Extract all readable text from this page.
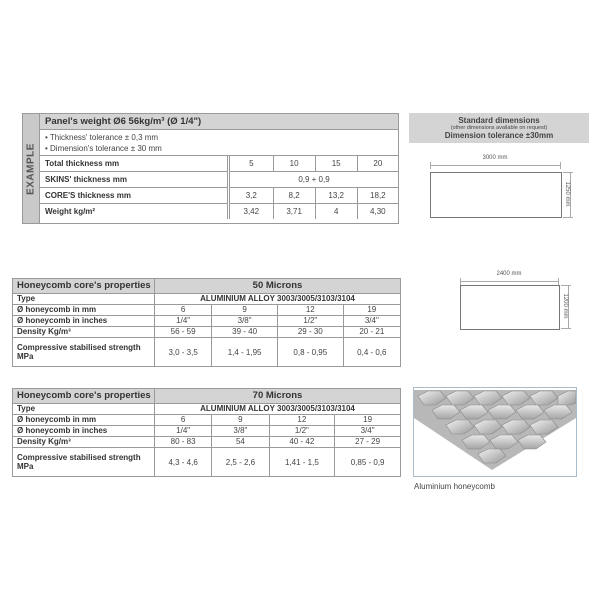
EXAMPLE
Panel's weight Ø6 56kg/m³ (Ø 1/4")
• Thickness' tolerance ± 0,3 mm
• Dimension's tolerance ± 30 mm
Total thickness mm	5	10	15	20
SKINS' thickness mm	0,9 + 0,9			
CORE'S thickness mm	3,2	8,2	13,2	18,2
Weight kg/m²	3,42	3,71	4	4,30
Standard dimensions
(other dimensions available on request)
Dimension tolerance ±30mm
3000 mm
1250 mm
2400 mm
1200 mm
Honeycomb core's properties	50 Microns			
Type	ALUMINIUM ALLOY 3003/3005/3103/3104			
Ø honeycomb in mm	6	9	12	19
Ø honeycomb in inches	1/4"	3/8"	1/2"	3/4"
Density Kg/m³	56 - 59	39 - 40	29 - 30	20 - 21
Compressive stabilised strength MPa	3,0 - 3,5	1,4 - 1,95	0,8 - 0,95	0,4 - 0,6
Honeycomb core's properties	70 Microns			
Type	ALUMINIUM ALLOY 3003/3005/3103/3104			
Ø honeycomb in mm	6	9	12	19
Ø honeycomb in inches	1/4"	3/8"	1/2"	3/4"
Density Kg/m³	80 - 83	54	40 - 42	27 - 29
Compressive stabilised strength MPa	4,3 - 4,6	2,5 - 2,6	1,41 - 1,5	0,85 - 0,9
Aluminium honeycomb
